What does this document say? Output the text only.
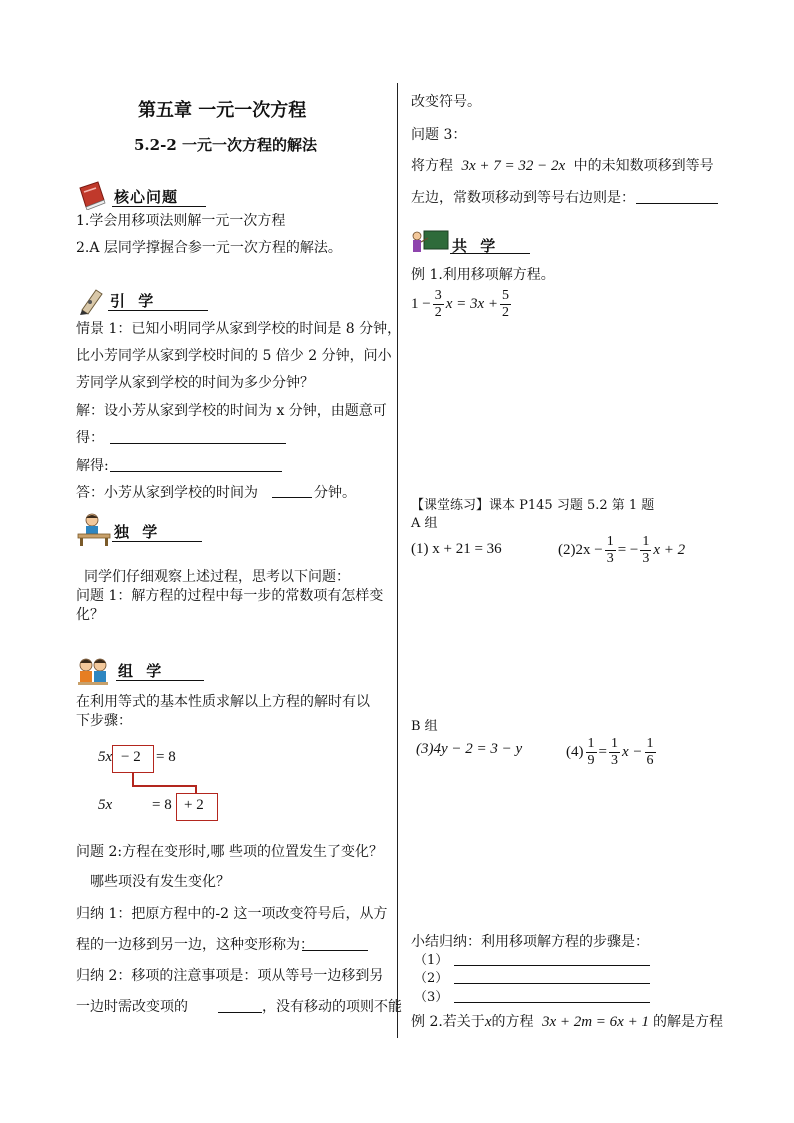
第五章 一元一次方程
5.2-2 一元一次方程的解法
核心问题
1.学会用移项法则解一元一次方程
2.A 层同学撑握合参一元一次方程的解法。
引 学
情景 1：已知小明同学从家到学校的时间是 8 分钟，
比小芳同学从家到学校时间的 5 倍少 2 分钟，问小
芳同学从家到学校的时间为多少分钟？
解：设小芳从家到学校的时间为 x 分钟，由题意可
得：
解得:
答：小芳从家到学校的时间为	分钟。
独 学
同学们仔细观察上述过程，思考以下问题：
问题 1：解方程的过程中每一步的常数项有怎样变
化？
组 学
在利用等式的基本性质求解以上方程的解时有以
下步骤：
5x − 2 = 8
5x	= 8 + 2
问题 2:方程在变形时,哪 些项的位置发生了变化？
哪些项没有发生变化？
归纳 1：把原方程中的-2 这一项改变符号后，从方
程的一边移到另一边，这种变形称为：
归纳 2：移项的注意事项是：项从等号一边移到另
一边时需改变项的	，没有移动的项则不能
改变符号。
问题 3：
将方程 3x + 7 = 32 − 2x 中的未知数项移到等号
左边，常数项移动到等号右边则是：
共 学
例 1.利用移项解方程。
$1 - \frac{3}{2}$ $x = 3x + \frac{5}{2}$
【课堂练习】课本 P145 习题 5.2 第 1 题
A 组
(1) x + 21 = 36	$(2)2x - \frac{1}{3}$ = − $\frac{1}{3}$ x + 2
B 组
(3)4y − 2 = 3 − y	$(4) \frac{1}{9} = \frac{1}{3}$ $x - \frac{1}{6}$
小结归纳：利用移项解方程的步骤是：
（1）
（2）
（3）
例 2.若关于x的方程 3x + 2m = 6x + 1 的解是方程
